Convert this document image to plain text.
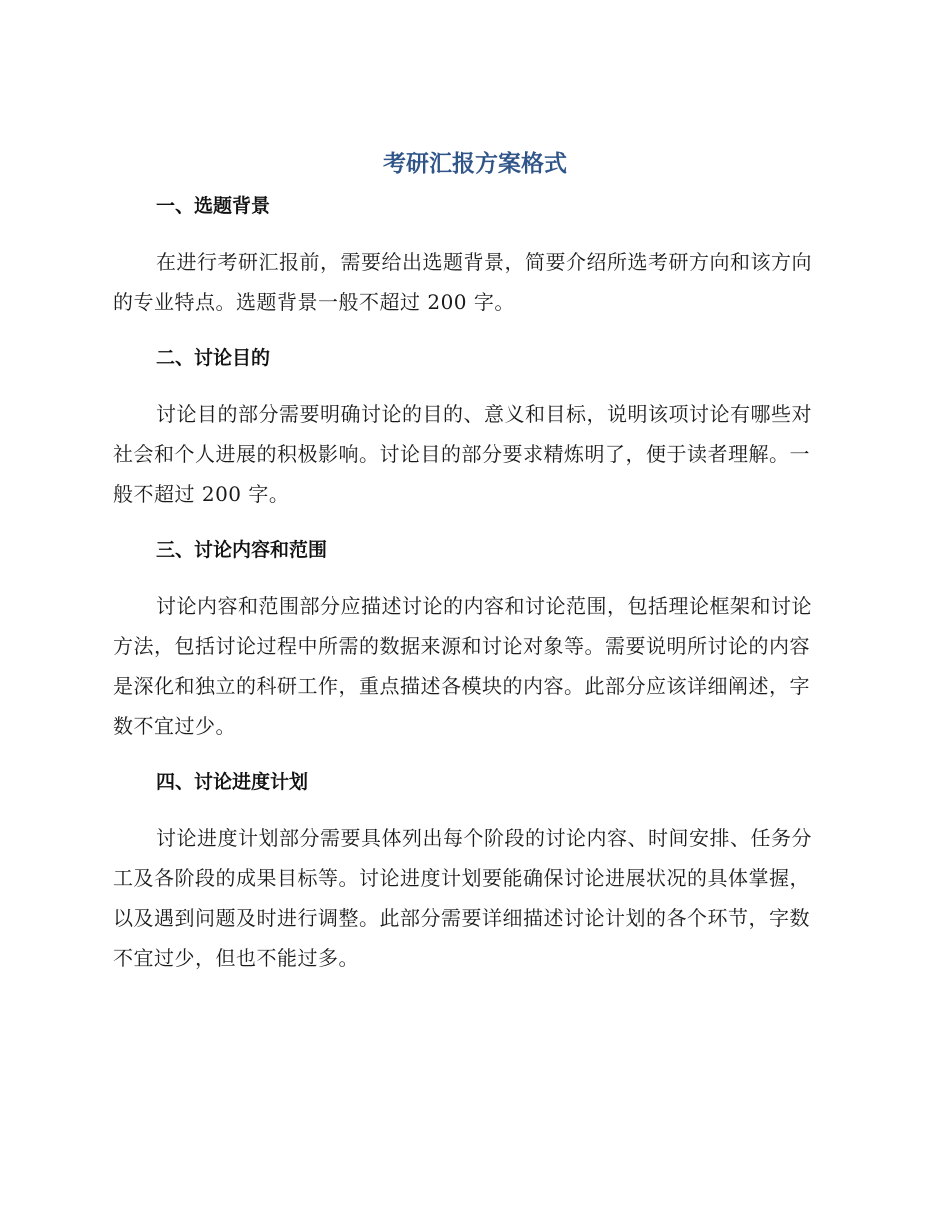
考研汇报方案格式
一、选题背景

在进行考研汇报前，需要给出选题背景，简要介绍所选考研方向和该方向的专业特点。选题背景一般不超过 200 字。

二、讨论目的

讨论目的部分需要明确讨论的目的、意义和目标，说明该项讨论有哪些对社会和个人进展的积极影响。讨论目的部分要求精炼明了，便于读者理解。一般不超过 200 字。

三、讨论内容和范围

讨论内容和范围部分应描述讨论的内容和讨论范围，包括理论框架和讨论方法，包括讨论过程中所需的数据来源和讨论对象等。需要说明所讨论的内容是深化和独立的科研工作，重点描述各模块的内容。此部分应该详细阐述，字数不宜过少。

四、讨论进度计划

讨论进度计划部分需要具体列出每个阶段的讨论内容、时间安排、任务分工及各阶段的成果目标等。讨论进度计划要能确保讨论进展状况的具体掌握，以及遇到问题及时进行调整。此部分需要详细描述讨论计划的各个环节，字数不宜过少，但也不能过多。
